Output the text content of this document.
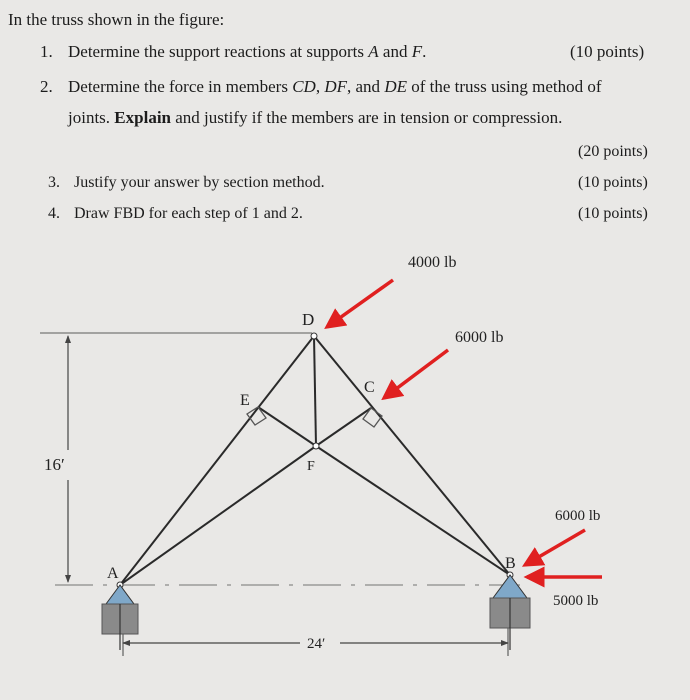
In the truss shown in the figure:
1. Determine the support reactions at supports A and F.	(10 points)
2. Determine the force in members CD, DF, and DE of the truss using method of
joints. Explain and justify if the members are in tension or compression.
(20 points)
3. Justify your answer by section method.	(10 points)
4. Draw FBD for each step of 1 and 2.	(10 points)
D
F
E
C
A
B
4000 lb
6000 lb
6000 lb
5000 lb
16′
24′
